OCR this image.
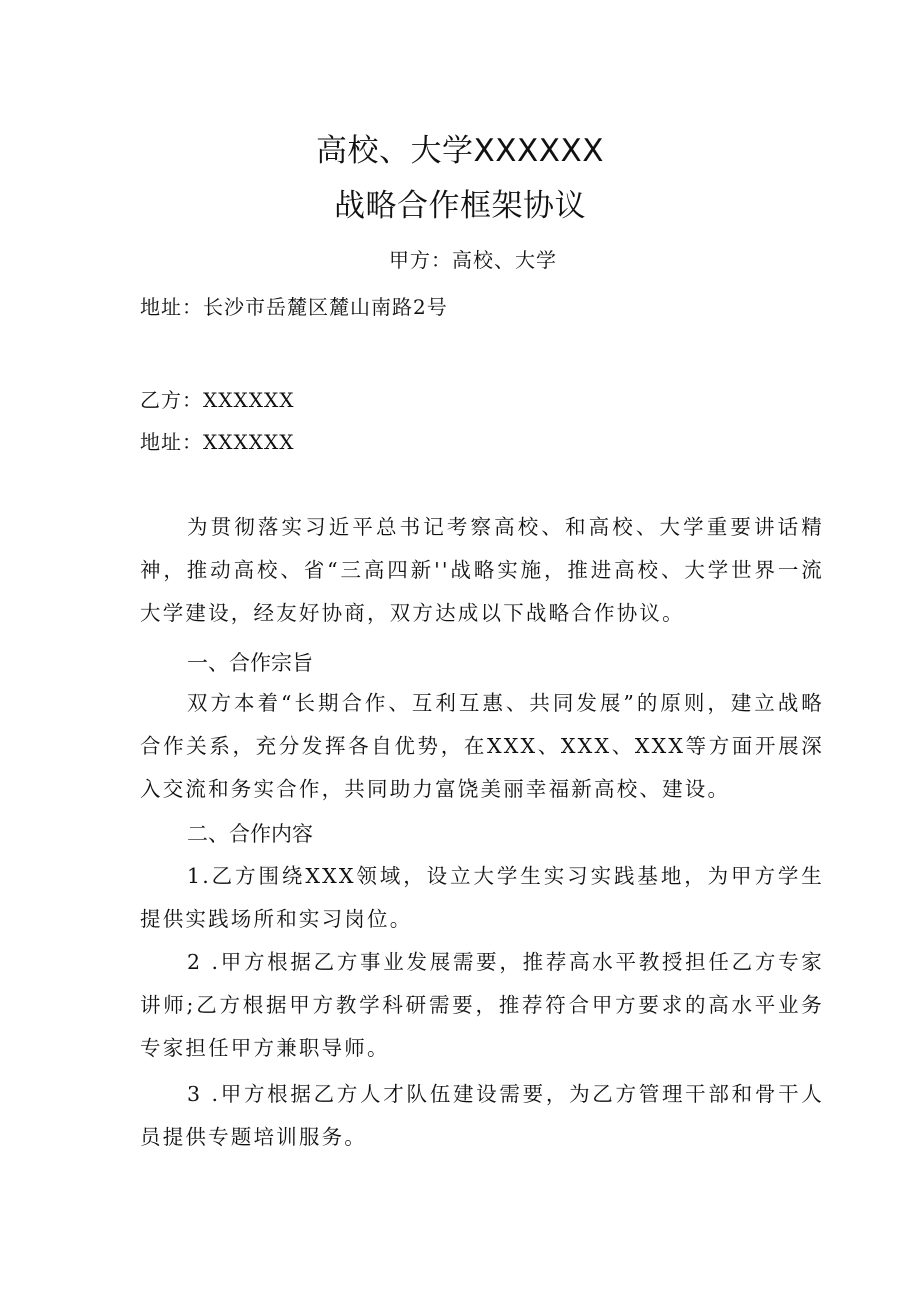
高校、大学XXXXXX
战略合作框架协议
甲方：高校、大学
地址：长沙市岳麓区麓山南路2号
乙方：XXXXXX
地址：XXXXXX
为贯彻落实习近平总书记考察高校、和高校、大学重要讲话精神，推动高校、省“三高四新''战略实施，推进高校、大学世界一流大学建设，经友好协商，双方达成以下战略合作协议。
一、合作宗旨
双方本着“长期合作、互利互惠、共同发展”的原则，建立战略合作关系，充分发挥各自优势，在XXX、XXX、XXX等方面开展深入交流和务实合作，共同助力富饶美丽幸福新高校、建设。
二、合作内容
1.乙方围绕XXX领域，设立大学生实习实践基地，为甲方学生提供实践场所和实习岗位。
2 .甲方根据乙方事业发展需要，推荐高水平教授担任乙方专家讲师;乙方根据甲方教学科研需要，推荐符合甲方要求的高水平业务专家担任甲方兼职导师。
3 .甲方根据乙方人才队伍建设需要，为乙方管理干部和骨干人员提供专题培训服务。
